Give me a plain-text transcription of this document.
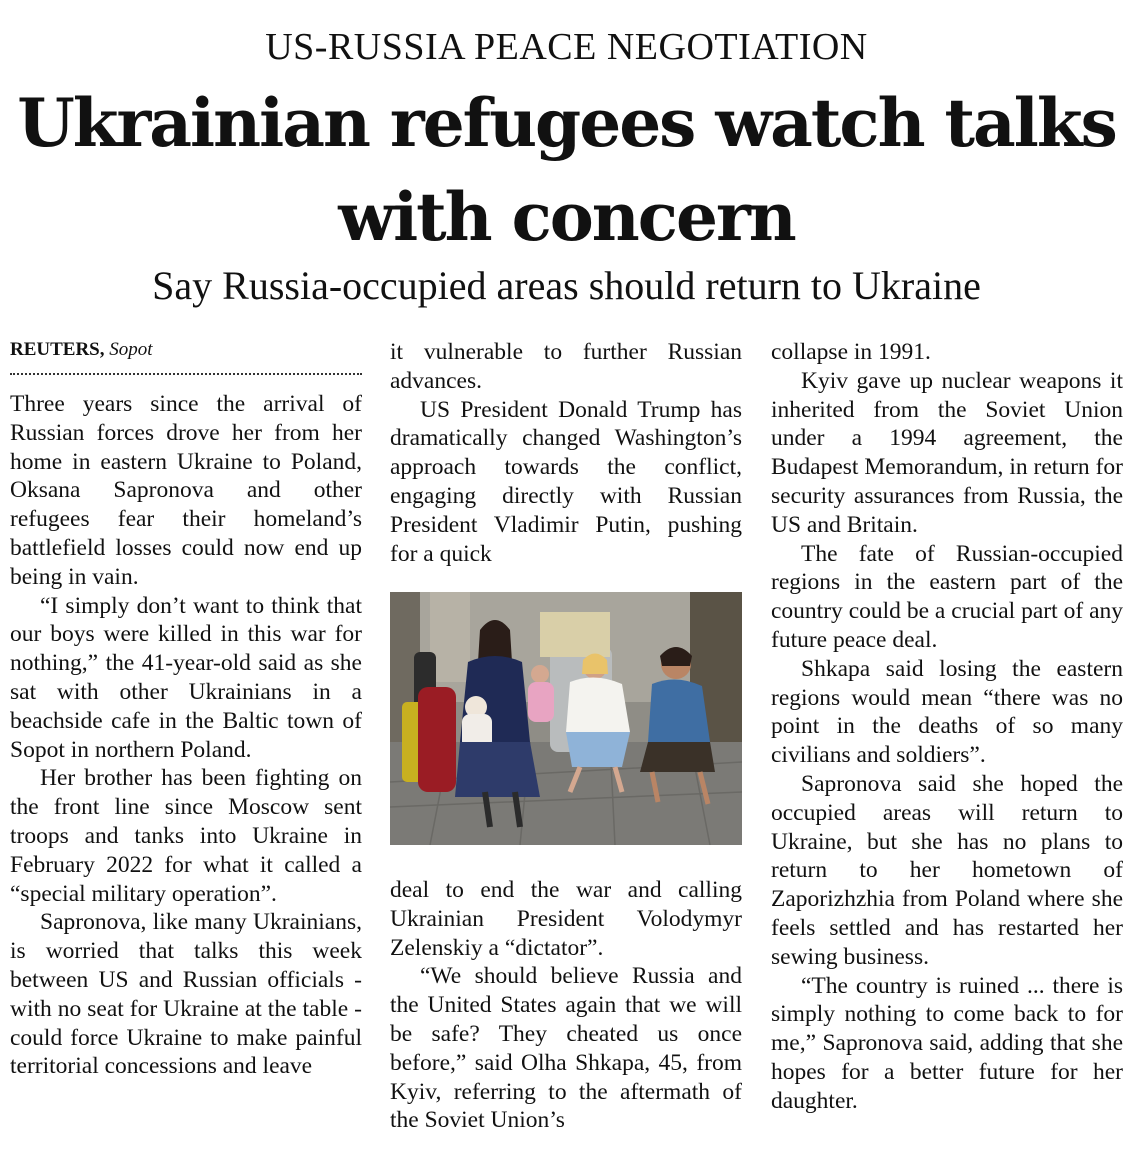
US-RUSSIA PEACE NEGOTIATION
Ukrainian refugees watch talks with concern
Say Russia-occupied areas should return to Ukraine
REUTERS, Sopot

Three years since the arrival of Russian forces drove her from her home in eastern Ukraine to Poland, Oksana Sapronova and other refugees fear their homeland’s battlefield losses could now end up being in vain.

“I simply don’t want to think that our boys were killed in this war for nothing,” the 41-year-old said as she sat with other Ukrainians in a beachside cafe in the Baltic town of Sopot in northern Poland.

Her brother has been fighting on the front line since Moscow sent troops and tanks into Ukraine in February 2022 for what it called a “special military operation”.

Sapronova, like many Ukrainians, is worried that talks this week between US and Russian officials - with no seat for Ukraine at the table - could force Ukraine to make painful territorial concessions and leave

it vulnerable to further Russian advances.

US President Donald Trump has dramatically changed Washington’s approach towards the conflict, engaging directly with Russian President Vladimir Putin, pushing for a quick

deal to end the war and calling Ukrainian President Volodymyr Zelenskiy a “dictator”.

“We should believe Russia and the United States again that we will be safe? They cheated us once before,” said Olha Shkapa, 45, from Kyiv, referring to the aftermath of the Soviet Union’s

collapse in 1991.

Kyiv gave up nuclear weapons it inherited from the Soviet Union under a 1994 agreement, the Budapest Memorandum, in return for security assurances from Russia, the US and Britain.

The fate of Russian-occupied regions in the eastern part of the country could be a crucial part of any future peace deal.

Shkapa said losing the eastern regions would mean “there was no point in the deaths of so many civilians and soldiers”.

Sapronova said she hoped the occupied areas will return to Ukraine, but she has no plans to return to her hometown of Zaporizhzhia from Poland where she feels settled and has restarted her sewing business.

“The country is ruined ... there is simply nothing to come back to for me,” Sapronova said, adding that she hopes for a better future for her daughter.
